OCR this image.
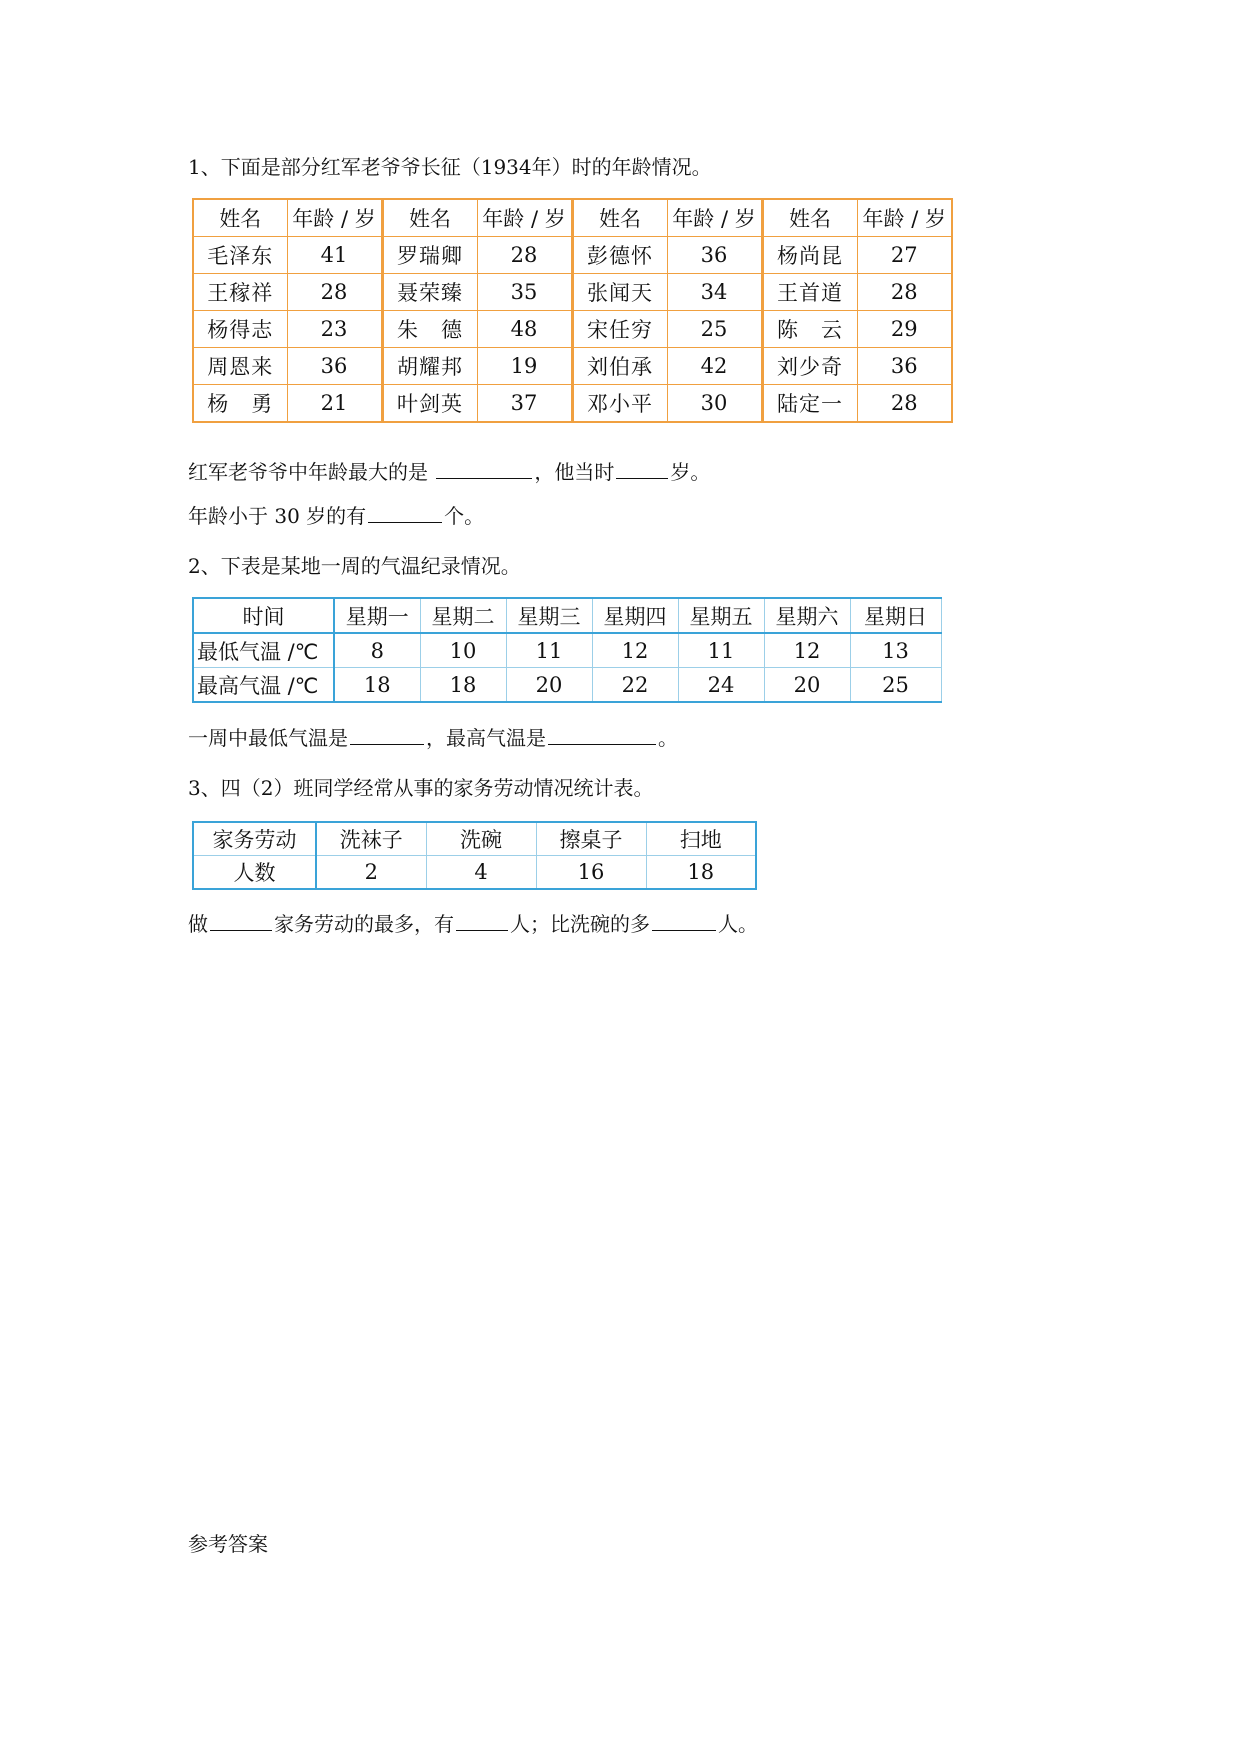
1、下面是部分红军老爷爷长征（1934年）时的年龄情况。
姓名	年龄 / 岁	姓名	年龄 / 岁	姓名	年龄 / 岁	姓名	年龄 / 岁
毛泽东	41	罗瑞卿	28	彭德怀	36	杨尚昆	27
王稼祥	28	聂荣臻	35	张闻天	34	王首道	28
杨得志	23	朱　德	48	宋任穷	25	陈　云	29
周恩来	36	胡耀邦	19	刘伯承	42	刘少奇	36
杨　勇	21	叶剑英	37	邓小平	30	陆定一	28
红军老爷爷中年龄最大的是	，他当时	岁。
年龄小于 30 岁的有	个。
2、下表是某地一周的气温纪录情况。
时间	星期一	星期二	星期三	星期四	星期五	星期六	星期日
最低气温 /℃	8	10	11	12	11	12	13
最高气温 /℃	18	18	20	22	24	20	25
一周中最低气温是	，最高气温是	。
3、四（2）班同学经常从事的家务劳动情况统计表。
家务劳动	洗袜子	洗碗	擦桌子	扫地
人数	2	4	16	18
做	家务劳动的最多，有	人；比洗碗的多	人。
参考答案
